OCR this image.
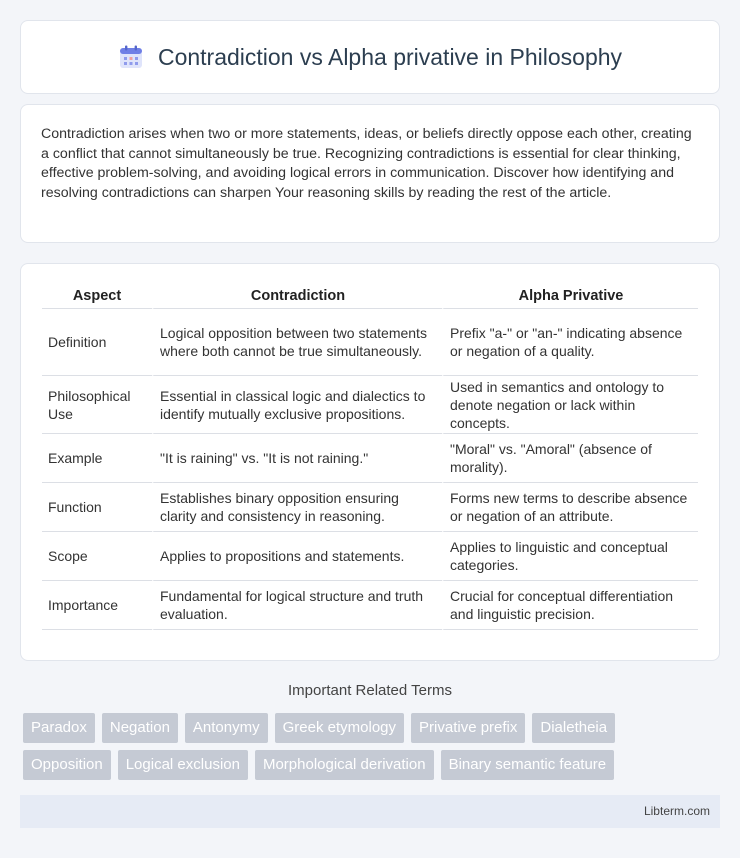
Contradiction vs Alpha privative in Philosophy

Contradiction arises when two or more statements, ideas, or beliefs directly oppose each other, creating a conflict that cannot simultaneously be true. Recognizing contradictions is essential for clear thinking, effective problem-solving, and avoiding logical errors in communication. Discover how identifying and resolving contradictions can sharpen Your reasoning skills by reading the rest of the article.

Aspect	Contradiction	Alpha Privative
Definition	Logical opposition between two statements where both cannot be true simultaneously.	Prefix "a-" or "an-" indicating absence or negation of a quality.
Philosophical Use	Essential in classical logic and dialectics to identify mutually exclusive propositions.	Used in semantics and ontology to denote negation or lack within concepts.
Example	"It is raining" vs. "It is not raining."	"Moral" vs. "Amoral" (absence of morality).
Function	Establishes binary opposition ensuring clarity and consistency in reasoning.	Forms new terms to describe absence or negation of an attribute.
Scope	Applies to propositions and statements.	Applies to linguistic and conceptual categories.
Importance	Fundamental for logical structure and truth evaluation.	Crucial for conceptual differentiation and linguistic precision.
Important Related Terms
Paradox	Negation	Antonymy	Greek etymology	Privative prefix	Dialetheia
Opposition	Logical exclusion	Morphological derivation	Binary semantic feature
Libterm.com
